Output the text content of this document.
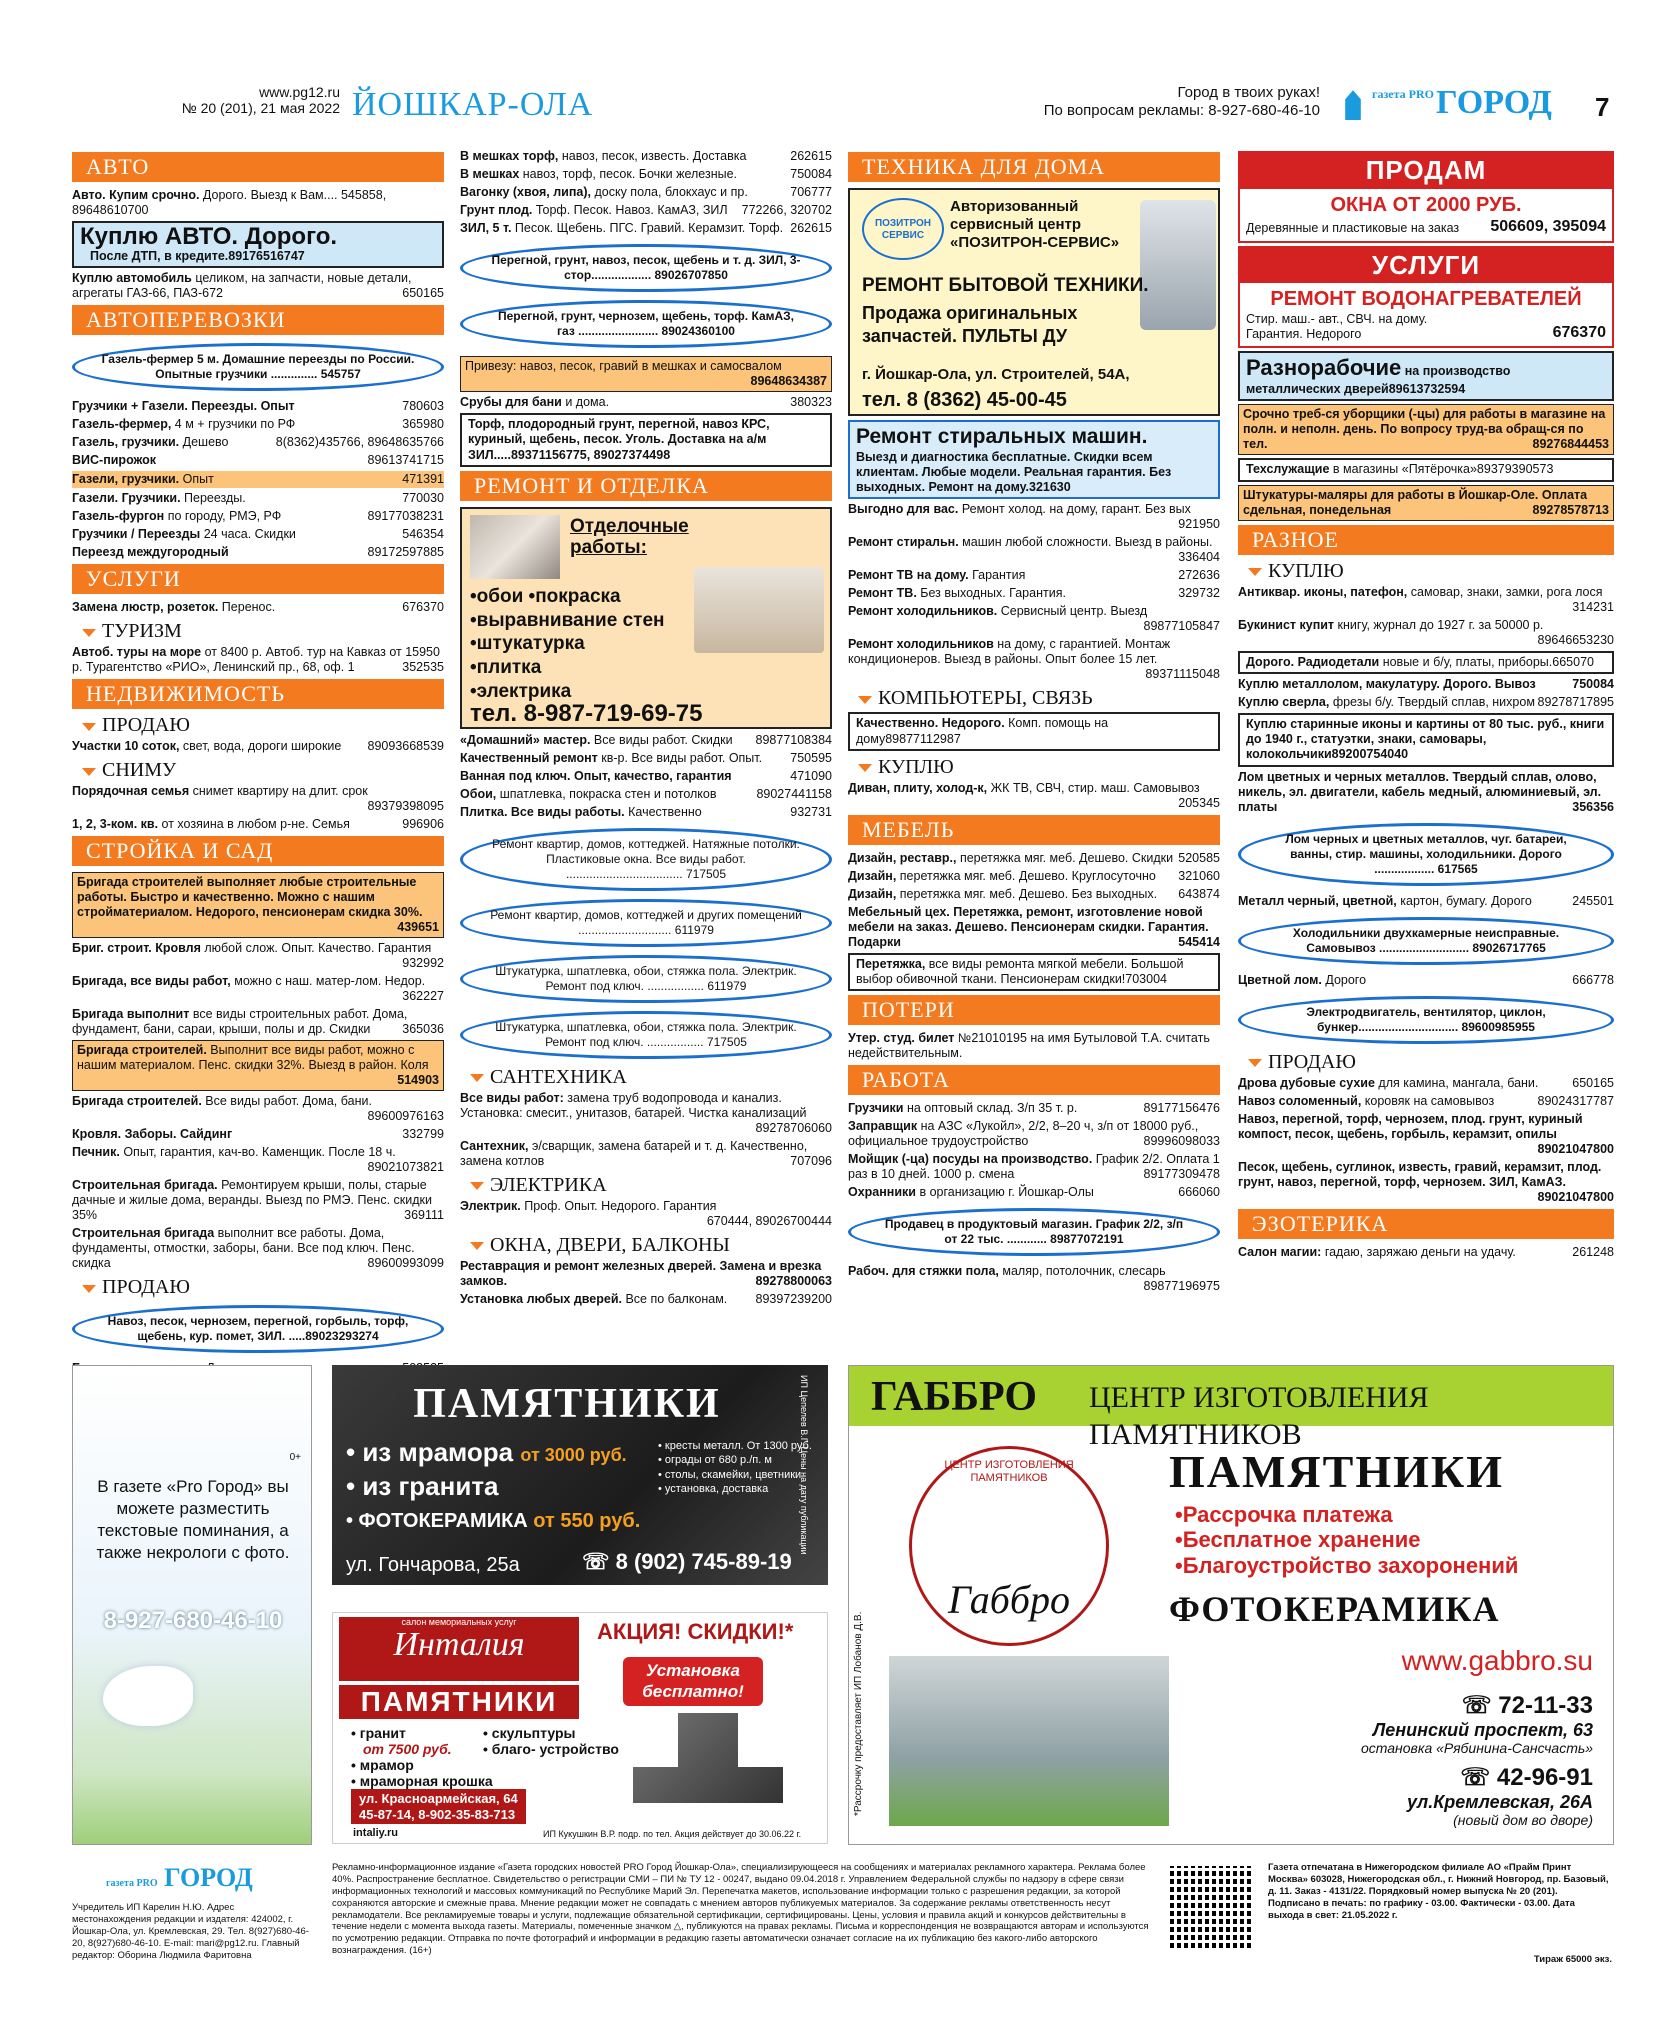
www.pg12.ru
№ 20 (201), 21 мая 2022 ЙОШКАР-ОЛА	Город в твоих руках!
По вопросам рекламы: 8-927-680-46-10
газета PROГОРОД 7
АВТО
Авто. Купим срочно. Дорого. Выезд к Вам.... 545858, 89648610700
Куплю АВТО. Дорого.
После ДТП, в кредите.89176516747
Куплю автомобиль целиком, на запчасти, новые детали, агрегаты ГАЗ-66, ПАЗ-672	650165
АВТОПЕРЕВОЗКИ
Газель-фермер 5 м. Домашние переезды по России. Опытные грузчики .............. 545757
Грузчики + Газели. Переезды. Опыт	780603
Газель-фермер, 4 м + грузчики по РФ	365980
Газель, грузчики. Дешево	8(8362)435766, 89648635766
ВИС-пирожок	89613741715
Газели, грузчики. Опыт	471391
Газели. Грузчики. Переезды.	770030
Газель-фургон по городу, РМЭ, РФ	89177038231
Грузчики / Переезды 24 часа. Скидки	546354
Переезд междугородный	89172597885
УСЛУГИ
Замена люстр, розеток. Перенос.	676370
ТУРИЗМ
Автоб. туры на море от 8400 р. Автоб. тур на Кавказ от 15950 р. Турагентство «РИО», Ленинский пр., 68, оф. 1	352535
НЕДВИЖИМОСТЬ
ПРОДАЮ
Участки 10 соток, свет, вода, дороги широкие 89093668539
СНИМУ
Порядочная семья снимет квартиру на длит. срок
89379398095
1, 2, 3-ком. кв. от хозяина в любом р-не. Семья	996906
СТРОЙКА И САД
Бригада строителей выполняет любые строительные работы. Быстро и качественно. Можно с нашим стройматериалом. Недорого, пенсионерам скидка 30%.
439651
Бриг. строит. Кровля любой слож. Опыт. Качество. Гарантия
932992
Бригада, все виды работ, можно с наш. матер-лом. Недор.
362227
Бригада выполнит все виды строительных работ. Дома, фундамент, бани, сараи, крыши, полы и др. Скидки	365036
Бригада строителей. Выполнит все виды работ, можно с нашим материалом. Пенс. скидки 32%. Выезд в район. Коля
514903
Бригада строителей. Все виды работ. Дома, бани.
89600976163
Кровля. Заборы. Сайдинг	332799
Печник. Опыт, гарантия, кач-во. Каменщик. После 18 ч.
89021073821
Строительная бригада. Ремонтируем крыши, полы, старые дачные и жилые дома, веранды. Выезд по РМЭ. Пенс. скидки 35%	369111
Строительная бригада выполнит все работы. Дома, фундаменты, отмостки, заборы, бани. Все под ключ. Пенс. скидка	89600993099
ПРОДАЮ
Навоз, песок, чернозем, перегной, горбыль, торф, щебень, кур. помет, ЗИЛ. .....89023293274
В мешках торф, навоз, песок, известь. Доставка	262615
В мешках навоз, торф, песок. Бочки железные.	750084
Вагонку (хвоя, липа), доску пола, блокхаус и пр.	706777
Грунт плод. Торф. Песок. Навоз. КамАЗ, ЗИЛ 772266, 320702
ЗИЛ, 5 т. Песок. Щебень. ПГС. Гравий. Керамзит. Торф. 262615
Перегной, грунт, навоз, песок, щебень и т. д. ЗИЛ, 3-стор.................. 89026707850
Перегной, грунт, чернозем, щебень, торф. КамАЗ, газ ........................ 89024360100
Привезу: навоз, песок, гравий в мешках и самосвалом
89648634387
Срубы для бани и дома.	380323
Торф, плодородный грунт, перегной, навоз КРС, куриный, щебень, песок. Уголь. Доставка на а/м ЗИЛ.....89371156775, 89027374498
РЕМОНТ И ОТДЕЛКА
Отделочные работы:
•обои •покраска
•выравнивание стен
•штукатурка
•плитка
•электрика
тел. 8-987-719-69-75
«Домашний» мастер. Все виды работ. Скидки 89877108384
Качественный ремонт кв-р. Все виды работ. Опыт. 750595
Ванная под ключ. Опыт, качество, гарантия	471090
Обои, шпатлевка, покраска стен и потолков	89027441158
Плитка. Все виды работы. Качественно	932731
Ремонт квартир, домов, коттеджей. Натяжные потолки. Пластиковые окна. Все виды работ. ................................... 717505
Ремонт квартир, домов, коттеджей и других помещений ............................ 611979
Штукатурка, шпатлевка, обои, стяжка пола. Электрик. Ремонт под ключ. ................. 611979
Штукатурка, шпатлевка, обои, стяжка пола. Электрик. Ремонт под ключ. ................. 717505
САНТЕХНИКА
Все виды работ: замена труб водопровода и канализ. Установка: смесит., унитазов, батарей. Чистка канализаций
89278706060
Сантехник, э/сварщик, замена батарей и т. д. Качественно, замена котлов	707096
ЭЛЕКТРИКА
Электрик. Проф. Опыт. Недорого. Гарантия
670444, 89026700444
ОКНА, ДВЕРИ, БАЛКОНЫ
Реставрация и ремонт железных дверей. Замена и врезка замков.	89278800063
Установка любых дверей. Все по балконам. 89397239200
ТЕХНИКА ДЛЯ ДОМА
ПОЗИТРОН СЕРВИС
Авторизованный сервисный центр «ПОЗИТРОН-СЕРВИС»
РЕМОНТ БЫТОВОЙ ТЕХНИКИ.
Продажа оригинальных запчастей. ПУЛЬТЫ ДУ
г. Йошкар-Ола, ул. Строителей, 54А,
тел. 8 (8362) 45-00-45
Ремонт стиральных машин.
Выезд и диагностика бесплатные. Скидки всем клиентам. Любые модели. Реальная гарантия. Без выходных. Ремонт на дому.321630
Выгодно для вас. Ремонт холод. на дому, гарант. Без вых
921950
Ремонт стиральн. машин любой сложности. Выезд в районы.
336404
Ремонт ТВ на дому. Гарантия	272636
Ремонт ТВ. Без выходных. Гарантия.	329732
Ремонт холодильников. Сервисный центр. Выезд
89877105847
Ремонт холодильников на дому, с гарантией. Монтаж кондиционеров. Выезд в районы. Опыт более 15 лет.
89371115048
КОМПЬЮТЕРЫ, СВЯЗЬ
Качественно. Недорого. Комп. помощь на дому89877112987
КУПЛЮ
Диван, плиту, холод-к, ЖК ТВ, СВЧ, стир. маш. Самовывоз
205345
МЕБЕЛЬ
Дизайн, реставр., перетяжка мяг. меб. Дешево. Скидки 520585
Дизайн, перетяжка мяг. меб. Дешево. Круглосуточно 321060
Дизайн, перетяжка мяг. меб. Дешево. Без выходных. 643874
Мебельный цех. Перетяжка, ремонт, изготовление новой мебели на заказ. Дешево. Пенсионерам скидки. Гарантия. Подарки	545414
Перетяжка, все виды ремонта мягкой мебели. Большой выбор обивочной ткани. Пенсионерам скидки!703004
ПОТЕРИ
Утер. студ. билет №21010195 на имя Бутыловой Т.А. считать недействительным.
РАБОТА
Грузчики на оптовый склад. З/п 35 т. р.	89177156476
Заправщик на АЗС «Лукойл», 2/2, 8–20 ч, з/п от 18000 руб., официальное трудоустройство	89996098033
Мойщик (-ца) посуды на производство. График 2/2. Оплата 1 раз в 10 дней. 1000 р. смена	89177309478
Охранники в организацию г. Йошкар-Олы	666060
Продавец в продуктовый магазин. График 2/2, з/п от 22 тыс. ............ 89877072191
Рабоч. для стяжки пола, маляр, потолочник, слесарь
89877196975
ПРОДАМ
ОКНА ОТ 2000 РУБ.
Деревянные и пластиковые на заказ	506609, 395094
УСЛУГИ
РЕМОНТ ВОДОНАГРЕВАТЕЛЕЙ
Стир. маш.- авт., СВЧ. на дому. Гарантия. Недорого	676370
Разнорабочие на производство металлических дверей89613732594
Срочно треб-ся уборщики (-цы) для работы в магазине на полн. и неполн. день. По вопросу труд-ва обращ-ся по тел.	89276844453
Техслужащие в магазины «Пятёрочка»89379390573
Штукатуры-маляры для работы в Йошкар-Оле. Оплата сдельная, понедельная	89278578713
РАЗНОЕ
КУПЛЮ
Антиквар. иконы, патефон, самовар, знаки, замки, рога лося
314231
Букинист купит книгу, журнал до 1927 г. за 50000 р.
89646653230
Дорого. Радиодетали новые и б/у, платы, приборы.665070
Куплю металлолом, макулатуру. Дорого. Вывоз	750084
Куплю сверла, фрезы б/у. Твердый сплав, нихром 89278717895
Куплю старинные иконы и картины от 80 тыс. руб., книги до 1940 г., статуэтки, знаки, самовары, колокольчики89200754040
Лом цветных и черных металлов. Твердый сплав, олово, никель, эл. двигатели, кабель медный, алюминиевый, эл. платы	356356
Лом черных и цветных металлов, чуг. батареи, ванны, стир. машины, холодильники. Дорого .................. 617565
Металл черный, цветной, картон, бумагу. Дорого	245501
Холодильники двухкамерные неисправные. Самовывоз ........................... 89026717765
Цветной лом. Дорого	666778
Электродвигатель, вентилятор, циклон, бункер.............................. 89600985955
ПРОДАЮ
Дрова дубовые сухие для камина, мангала, бани.	650165
Навоз соломенный, коровяк на самовывоз	89024317787
Навоз, перегной, торф, чернозем, плод. грунт, куриный компост, песок, щебень, горбыль, керамзит, опилы
89021047800
Песок, щебень, суглинок, известь, гравий, керамзит, плод. грунт, навоз, перегной, торф, чернозем. ЗИЛ, КамАЗ.
89021047800
ЭЗОТЕРИКА
Салон магии: гадаю, заряжаю деньги на удачу.	261248
0+
В газете «Pro Город» вы можете разместить текстовые поминания, а также некрологи с фото.
8-927-680-46-10
ПАМЯТНИКИ
• из мрамора от 3000 руб.
• из гранита
• ФОТОКЕРАМИКА от 550 руб.
• кресты металл. От 1300 руб.
• ограды от 680 р./п. м
• столы, скамейки, цветники
• установка, доставка
ул. Гончарова, 25а	☏ 8 (902) 745-89-19
ИП Цепелев В.Г. Цены на дату публикации
салон мемориальных услуг
Инталия
ПАМЯТНИКИ
АКЦИЯ! СКИДКИ!*
Установка бесплатно!
• гранит
от 7500 руб.
• мрамор
• мраморная крошка
• скульптуры
• благо- устройство
ул. Красноармейская, 64
45-87-14, 8-902-35-83-713
intaliy.ru	ИП Кукушкин В.Р. подр. по тел. Акция действует до 30.06.22 г.
ГАББРО ЦЕНТР ИЗГОТОВЛЕНИЯ ПАМЯТНИКОВ
*Рассрочку предоставляет ИП Лобанов Д.В.
ЦЕНТР ИЗГОТОВЛЕНИЯ ПАМЯТНИКОВ
Габбро
ПАМЯТНИКИ
•Рассрочка платежа
•Бесплатное хранение
•Благоустройство захоронений
ФОТОКЕРАМИКА
www.gabbro.su
☏ 72-11-33
Ленинский проспект, 63
остановка «Рябинина-Сансчасть»
☏ 42-96-91
ул.Кремлевская, 26А
(новый дом во дворе)
газета PRO ГОРОД
Учредитель ИП Карелин Н.Ю. Адрес местонахождения редакции и издателя: 424002, г. Йошкар-Ола, ул. Кремлевская, 29. Тел. 8(927)680-46-20, 8(927)680-46-10. E-mail: mari@pg12.ru. Главный редактор: Оборина Людмила Фаритовна
Рекламно-информационное издание «Газета городских новостей PRO Город Йошкар-Ола», специализирующееся на сообщениях и материалах рекламного характера. Реклама более 40%. Распространение бесплатное. Свидетельство о регистрации СМИ – ПИ № ТУ 12 - 00247, выдано 09.04.2018 г. Управлением Федеральной службы по надзору в сфере связи информационных технологий и массовых коммуникаций по Республике Марий Эл. Перепечатка макетов, использование информации только с разрешения редакции, за которой сохраняются авторские и смежные права. Мнение редакции может не совпадать с мнением авторов публикуемых материалов. За содержание рекламы ответственность несут рекламодатели. Все рекламируемые товары и услуги, подлежащие обязательной сертификации, сертифицированы. Цены, условия и правила акций и конкурсов действительны в течение недели с момента выхода газеты. Материалы, помеченные значком △, публикуются на правах рекламы. Письма и корреспонденция не возвращаются авторам и используются по усмотрению редакции. Отправка по почте фотографий и информации в редакцию газеты автоматически означает согласие на их публикацию без какого-либо авторского вознаграждения. (16+)
Газета отпечатана в Нижегородском филиале АО «Прайм Принт Москва» 603028, Нижегородская обл., г. Нижний Новгород, пр. Базовый, д. 11. Заказ - 4131/22. Порядковый номер выпуска № 20 (201). Подписано в печать: по графику - 03.00. Фактически - 03.00. Дата выхода в свет: 21.05.2022 г.
Тираж 65000 экз.
